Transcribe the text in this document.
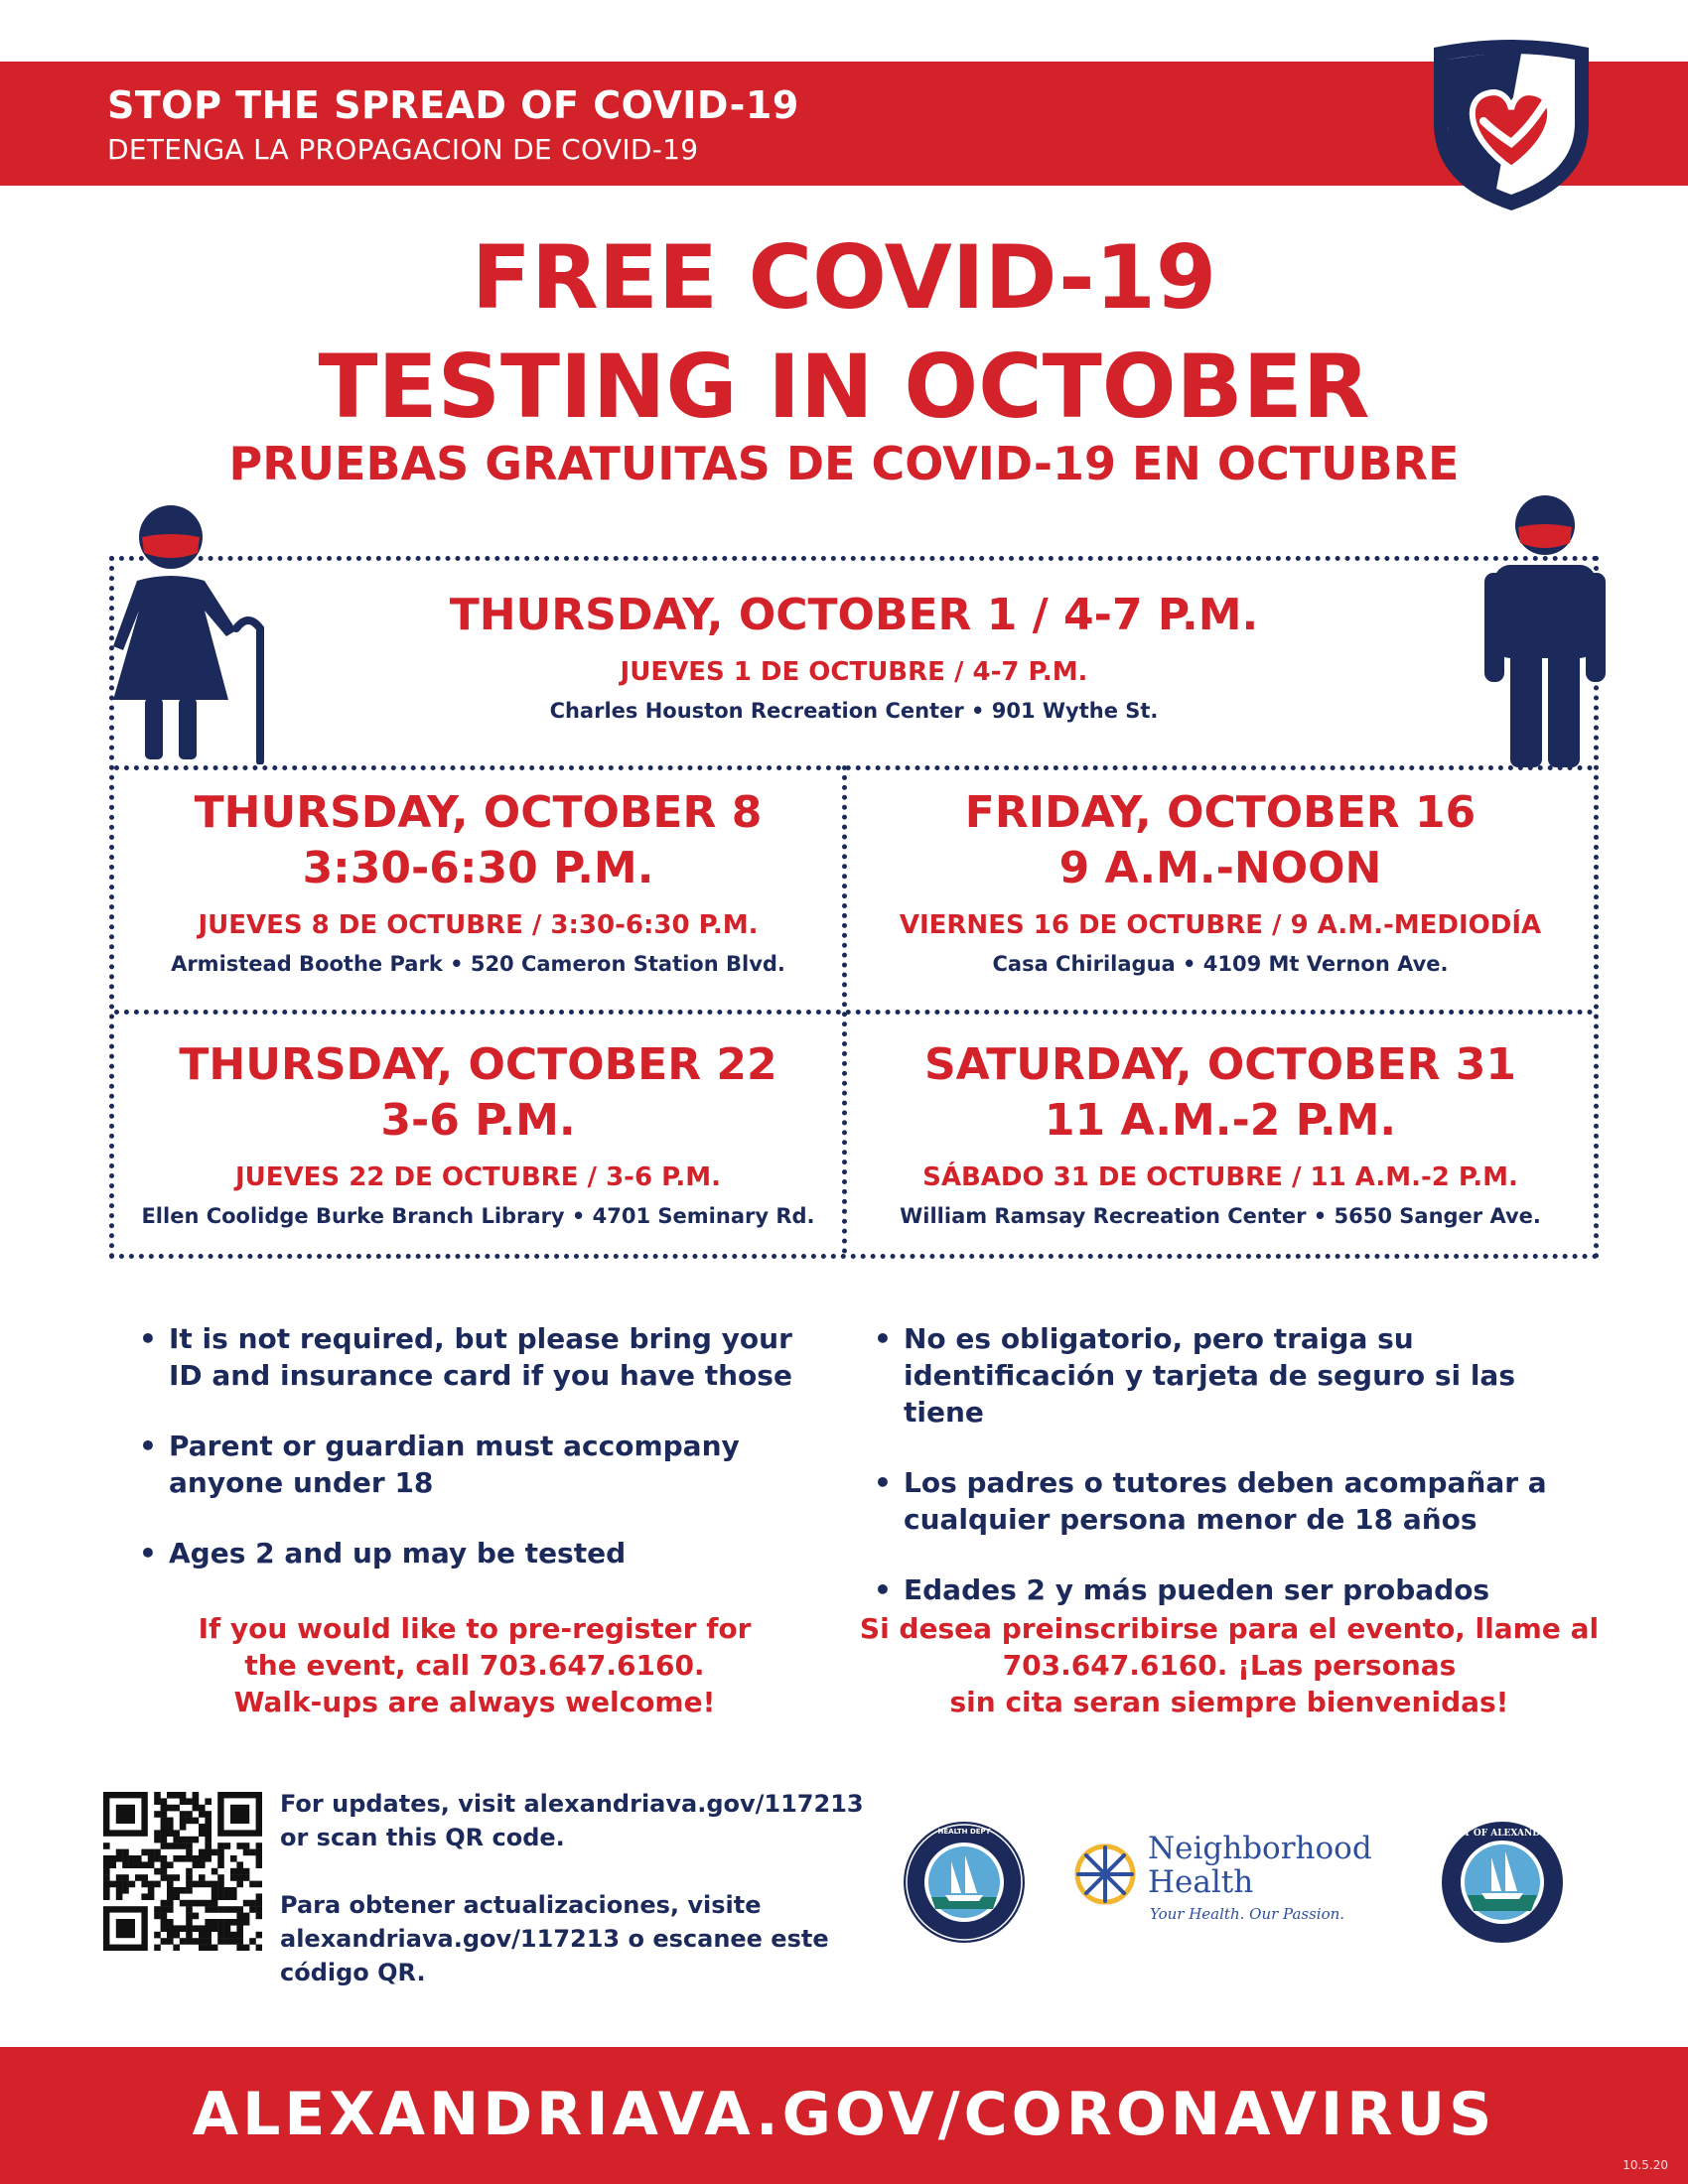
STOP THE SPREAD OF COVID-19
DETENGA LA PROPAGACION DE COVID-19
FREE COVID-19
TESTING IN OCTOBER
PRUEBAS GRATUITAS DE COVID-19 EN OCTUBRE
THURSDAY, OCTOBER 1 / 4-7 P.M.
JUEVES 1 DE OCTUBRE / 4-7 P.M.
Charles Houston Recreation Center • 901 Wythe St.
THURSDAY, OCTOBER 8
3:30-6:30 P.M.
JUEVES 8 DE OCTUBRE / 3:30-6:30 P.M.
Armistead Boothe Park • 520 Cameron Station Blvd.
FRIDAY, OCTOBER 16
9 A.M.-NOON
VIERNES 16 DE OCTUBRE / 9 A.M.-MEDIODÍA
Casa Chirilagua • 4109 Mt Vernon Ave.
THURSDAY, OCTOBER 22
3-6 P.M.
JUEVES 22 DE OCTUBRE / 3-6 P.M.
Ellen Coolidge Burke Branch Library • 4701 Seminary Rd.
SATURDAY, OCTOBER 31
11 A.M.-2 P.M.
SÁBADO 31 DE OCTUBRE / 11 A.M.-2 P.M.
William Ramsay Recreation Center • 5650 Sanger Ave.
• It is not required, but please bring your ID and insurance card if you have those
• Parent or guardian must accompany anyone under 18
• Ages 2 and up may be tested
• No es obligatorio, pero traiga su identificación y tarjeta de seguro si las tiene
• Los padres o tutores deben acompañar a cualquier persona menor de 18 años
• Edades 2 y más pueden ser probados
If you would like to pre-register for
the event, call 703.647.6160.
Walk-ups are always welcome!
Si desea preinscribirse para el evento, llame al
703.647.6160. ¡Las personas
sin cita seran siempre bienvenidas!
For updates, visit alexandriava.gov/117213
or scan this QR code.

Para obtener actualizaciones, visite
alexandriava.gov/117213 o escanee este
código QR.
HEALTH DEPT	Neighborhood
Health
Your Health. Our Passion.
CITY OF ALEXANDRIA
ALEXANDRIAVA.GOV/CORONAVIRUS
10.5.20
